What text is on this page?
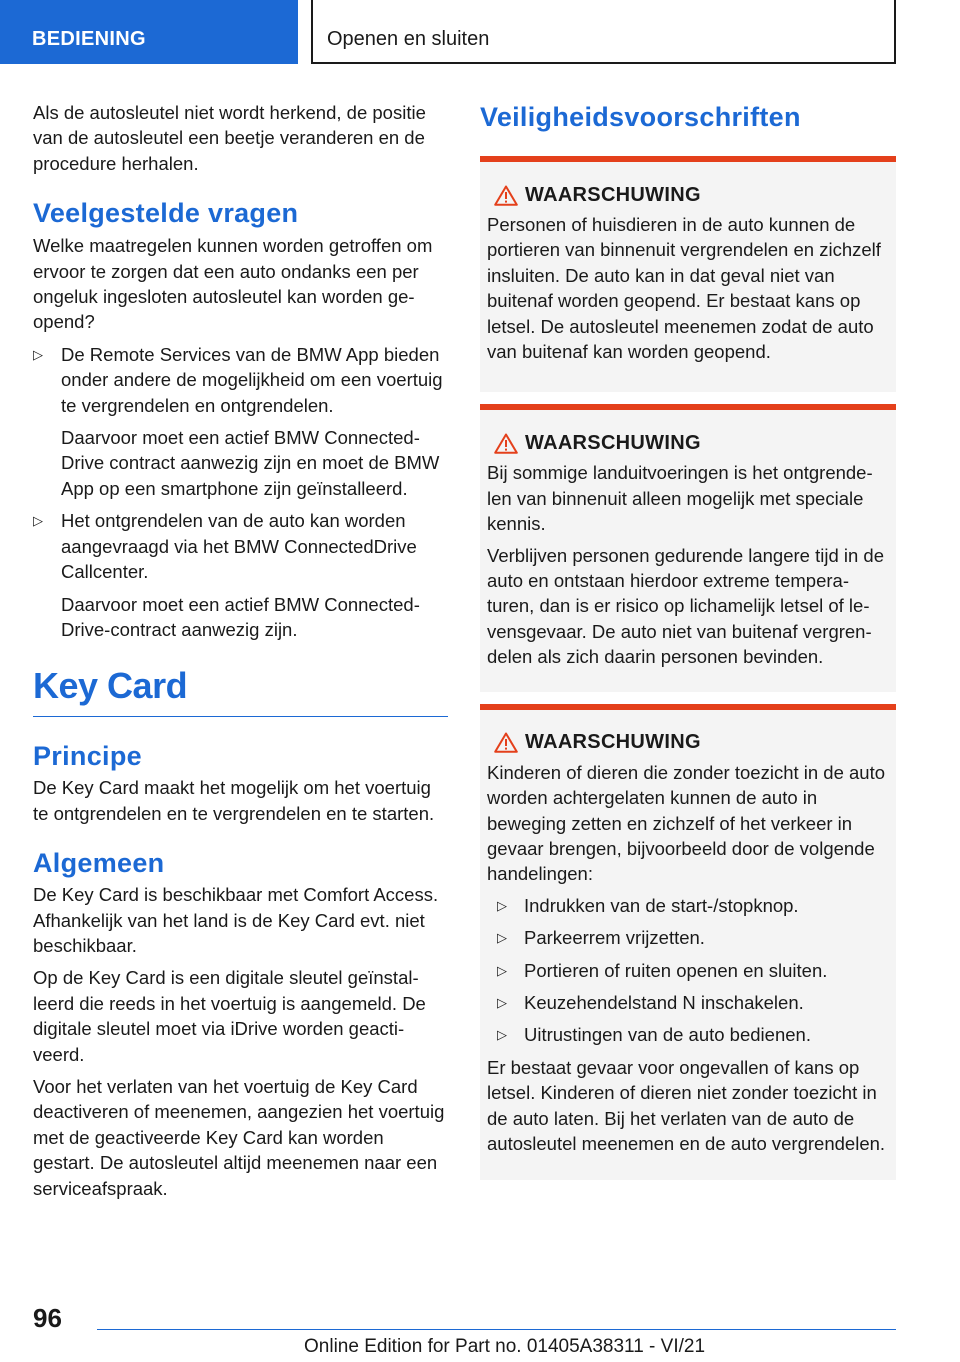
BEDIENING	Openen en sluiten

Als de autosleutel niet wordt herkend, de positie van de autosleutel een beetje veranderen en de procedure herhalen.

Veelgestelde vragen

Welke maatregelen kunnen worden getroffen om ervoor te zorgen dat een auto ondanks een per ongeluk ingesloten autosleutel kan worden geopend?

▷ De Remote Services van de BMW App bieden onder andere de mogelijkheid om een voertuig te vergrendelen en ontgrendelen.

Daarvoor moet een actief BMW ConnectedDrive contract aanwezig zijn en moet de BMW App op een smartphone zijn geïnstalleerd.

▷ Het ontgrendelen van de auto kan worden aangevraagd via het BMW ConnectedDrive Callcenter.

Daarvoor moet een actief BMW ConnectedDrive-contract aanwezig zijn.

Key Card
Principe

De Key Card maakt het mogelijk om het voertuig te ontgrendelen en te vergrendelen en te starten.

Algemeen

De Key Card is beschikbaar met Comfort Access. Afhankelijk van het land is de Key Card evt. niet beschikbaar.

Op de Key Card is een digitale sleutel geïnstalleerd die reeds in het voertuig is aangemeld. De digitale sleutel moet via iDrive worden geactiveerd.

Voor het verlaten van het voertuig de Key Card deactiveren of meenemen, aangezien het voertuig met de geactiveerde Key Card kan worden gestart. De autosleutel altijd meenemen naar een serviceafspraak.

Veiligheidsvoorschriften
WAARSCHUWING

Personen of huisdieren in de auto kunnen de portieren van binnenuit vergrendelen en zichzelf insluiten. De auto kan in dat geval niet van buitenaf worden geopend. Er bestaat kans op letsel. De autosleutel meenemen zodat de auto van buitenaf kan worden geopend.

WAARSCHUWING

Bij sommige landuitvoeringen is het ontgrendelen van binnenuit alleen mogelijk met speciale kennis.

Verblijven personen gedurende langere tijd in de auto en ontstaan hierdoor extreme temperaturen, dan is er risico op lichamelijk letsel of levensgevaar. De auto niet van buitenaf vergrendelen als zich daarin personen bevinden.

WAARSCHUWING

Kinderen of dieren die zonder toezicht in de auto worden achtergelaten kunnen de auto in beweging zetten en zichzelf of het verkeer in gevaar brengen, bijvoorbeeld door de volgende handelingen:

▷ Indrukken van de start-/stopknop.

▷ Parkeerrem vrijzetten.

▷ Portieren of ruiten openen en sluiten.

▷ Keuzehendelstand N inschakelen.

▷ Uitrustingen van de auto bedienen.

Er bestaat gevaar voor ongevallen of kans op letsel. Kinderen of dieren niet zonder toezicht in de auto laten. Bij het verlaten van de auto de autosleutel meenemen en de auto vergrendelen.

96
Online Edition for Part no. 01405A38311 - VI/21
